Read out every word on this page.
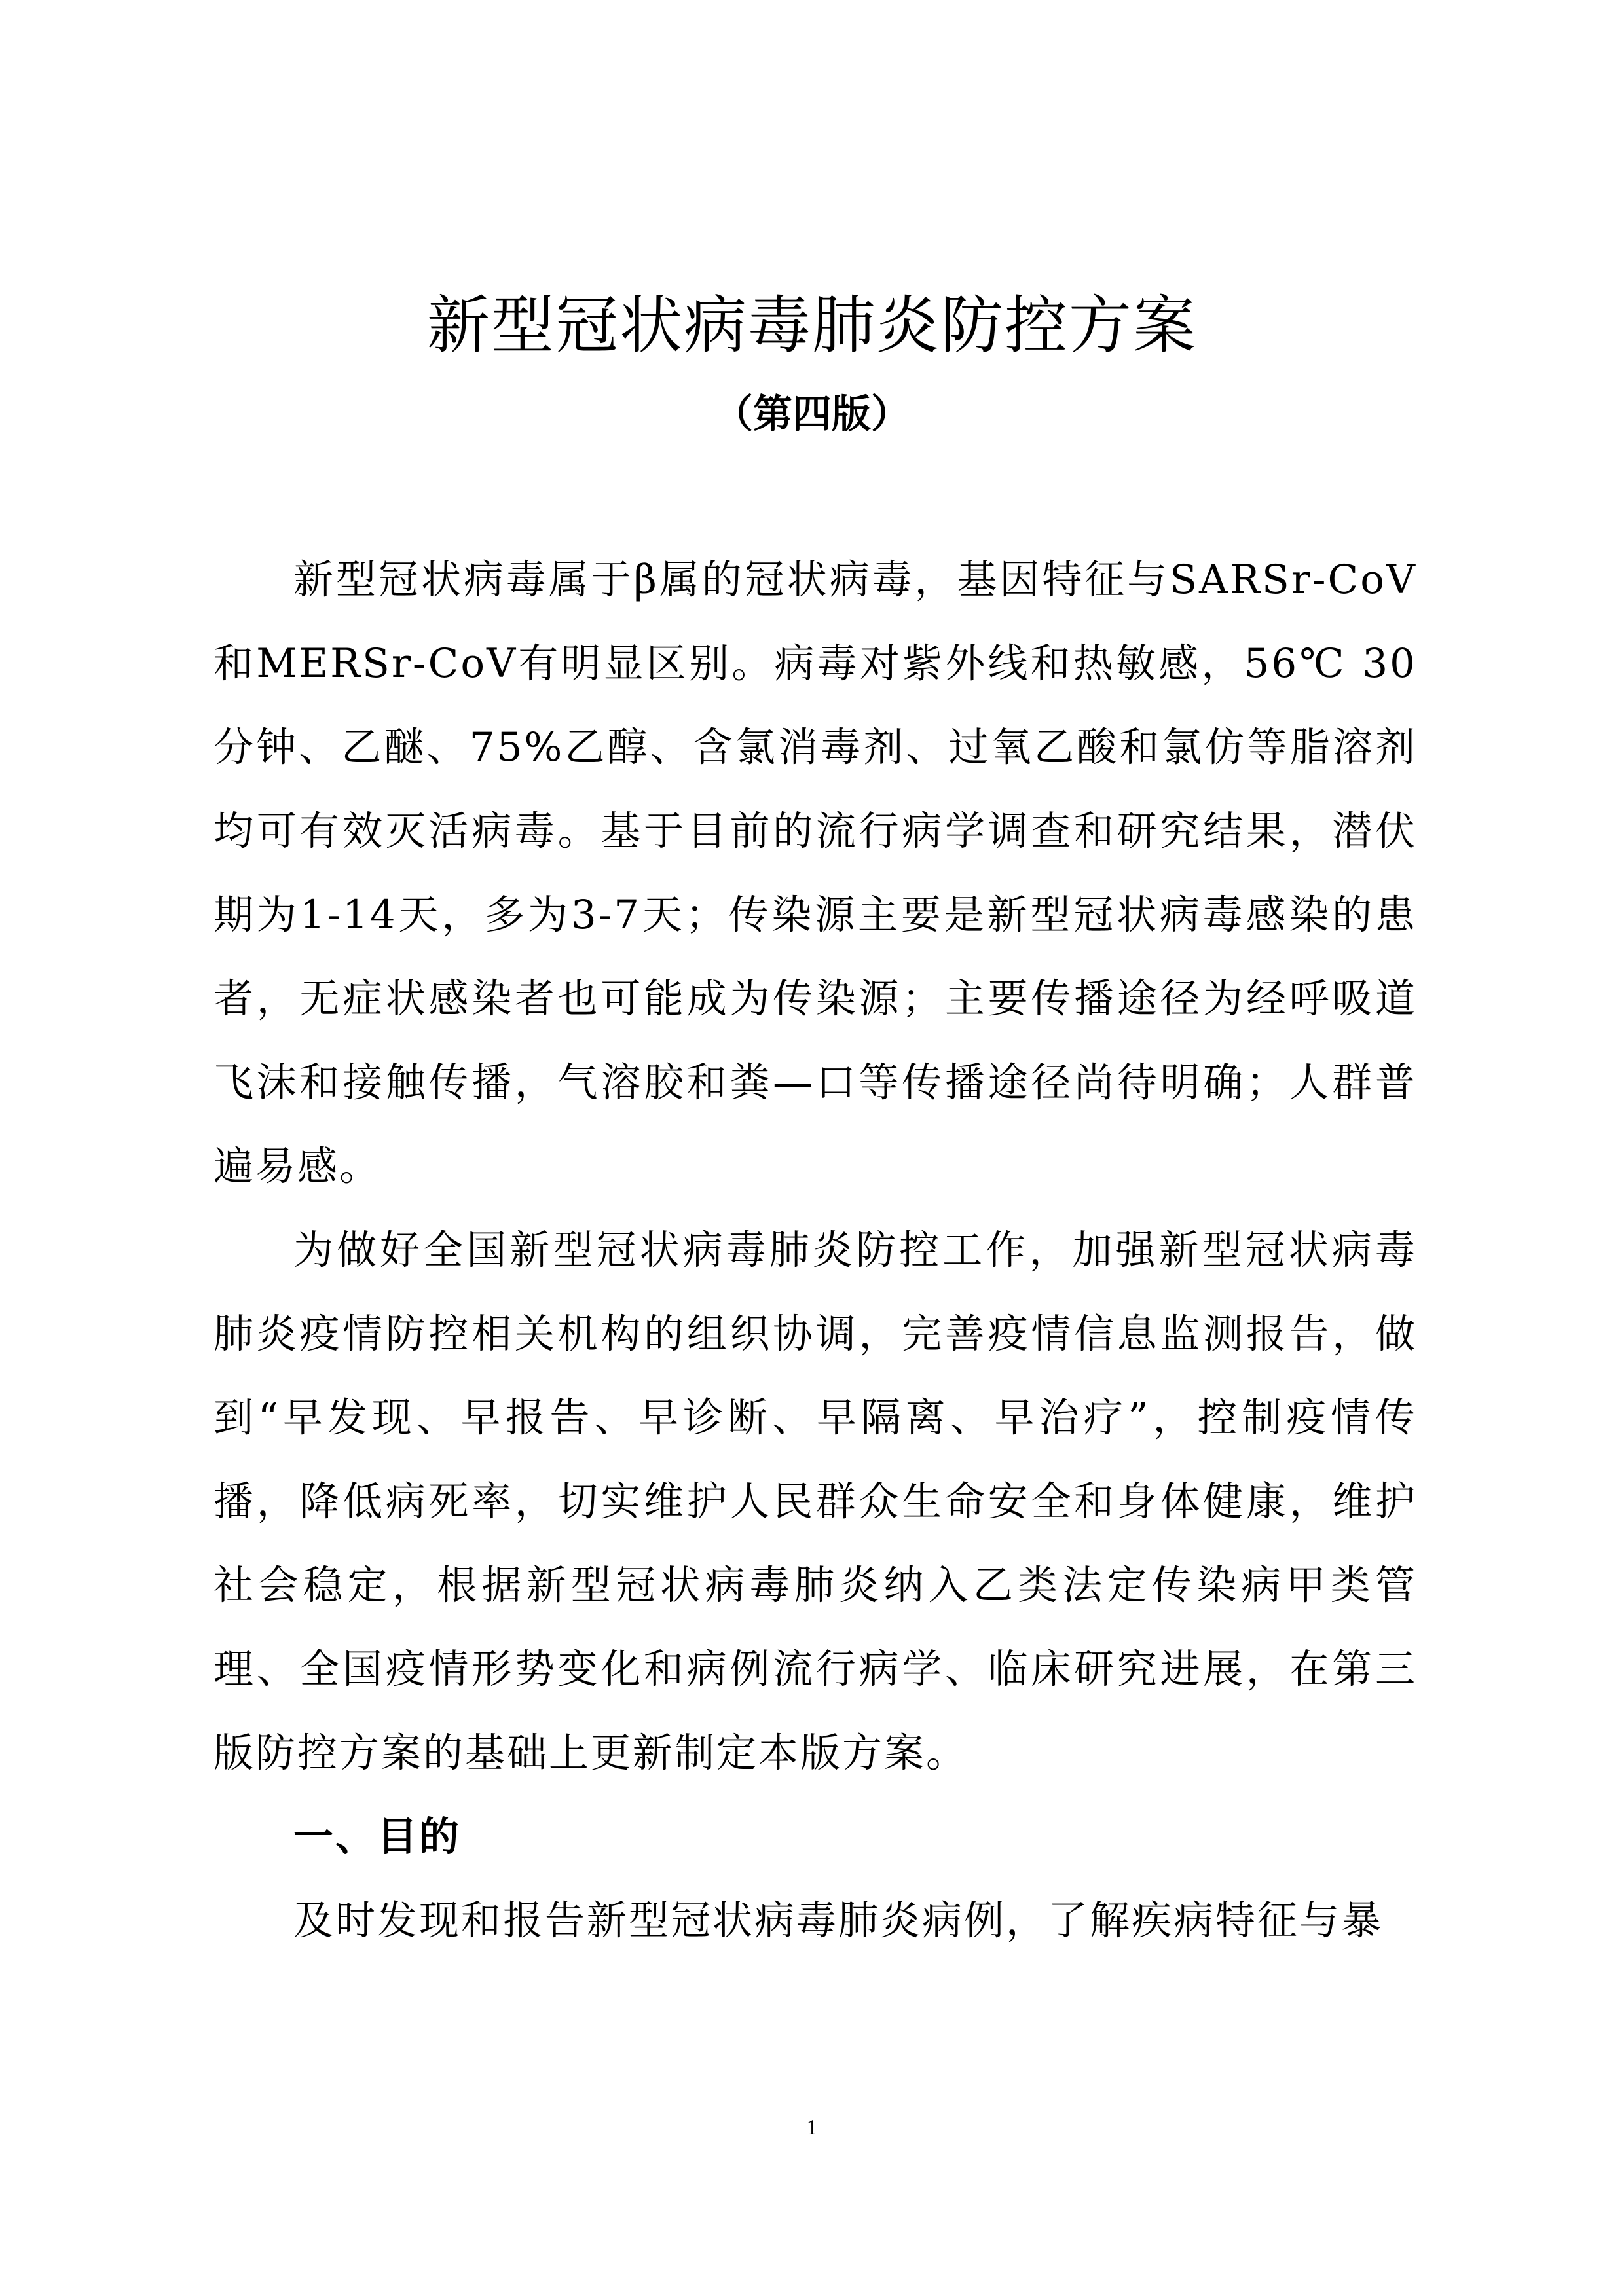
新型冠状病毒肺炎防控方案
（第四版）

新型冠状病毒属于β属的冠状病毒，基因特征与SARSr-CoV和MERSr-CoV有明显区别。病毒对紫外线和热敏感，56℃ 30分钟、乙醚、75%乙醇、含氯消毒剂、过氧乙酸和氯仿等脂溶剂均可有效灭活病毒。基于目前的流行病学调查和研究结果，潜伏期为1-14天，多为3-7天；传染源主要是新型冠状病毒感染的患者，无症状感染者也可能成为传染源；主要传播途径为经呼吸道飞沫和接触传播，气溶胶和粪—口等传播途径尚待明确；人群普遍易感。

为做好全国新型冠状病毒肺炎防控工作，加强新型冠状病毒肺炎疫情防控相关机构的组织协调，完善疫情信息监测报告，做到“早发现、早报告、早诊断、早隔离、早治疗”，控制疫情传播，降低病死率，切实维护人民群众生命安全和身体健康，维护社会稳定，根据新型冠状病毒肺炎纳入乙类法定传染病甲类管理、全国疫情形势变化和病例流行病学、临床研究进展，在第三版防控方案的基础上更新制定本版方案。

一、目的

及时发现和报告新型冠状病毒肺炎病例，了解疾病特征与暴

1
